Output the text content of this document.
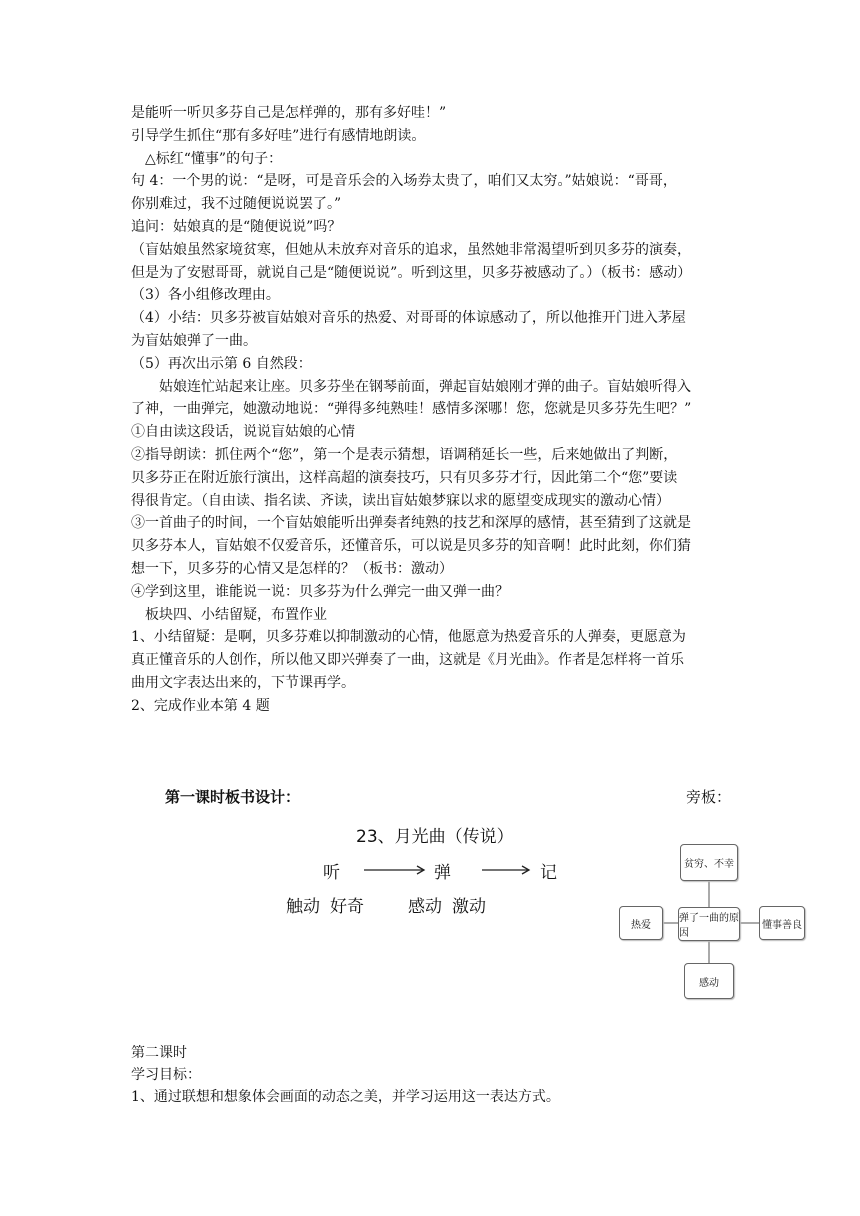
是能听一听贝多芬自己是怎样弹的，那有多好哇！”
引导学生抓住“那有多好哇”进行有感情地朗读。
　△标红“懂事”的句子：
句 4：一个男的说：“是呀，可是音乐会的入场券太贵了，咱们又太穷。”姑娘说：“哥哥，
你别难过，我不过随便说说罢了。”
追问：姑娘真的是“随便说说”吗？
（盲姑娘虽然家境贫寒，但她从未放弃对音乐的追求，虽然她非常渴望听到贝多芬的演奏，
但是为了安慰哥哥，就说自己是“随便说说”。听到这里，贝多芬被感动了。）（板书：感动）
（3）各小组修改理由。
（4）小结：贝多芬被盲姑娘对音乐的热爱、对哥哥的体谅感动了，所以他推开门进入茅屋
为盲姑娘弹了一曲。
（5）再次出示第 6 自然段：
　　姑娘连忙站起来让座。贝多芬坐在钢琴前面，弹起盲姑娘刚才弹的曲子。盲姑娘听得入
了神，一曲弹完，她激动地说：“弹得多纯熟哇！感情多深哪！您，您就是贝多芬先生吧？”
①自由读这段话，说说盲姑娘的心情
②指导朗读：抓住两个“您”，第一个是表示猜想，语调稍延长一些，后来她做出了判断，
贝多芬正在附近旅行演出，这样高超的演奏技巧，只有贝多芬才行，因此第二个“您”要读
得很肯定。（自由读、指名读、齐读，读出盲姑娘梦寐以求的愿望变成现实的激动心情）
③一首曲子的时间，一个盲姑娘能听出弹奏者纯熟的技艺和深厚的感情，甚至猜到了这就是
贝多芬本人，盲姑娘不仅爱音乐，还懂音乐，可以说是贝多芬的知音啊！此时此刻，你们猜
想一下，贝多芬的心情又是怎样的？（板书：激动）
④学到这里，谁能说一说：贝多芬为什么弹完一曲又弹一曲？
　板块四、小结留疑，布置作业
1、小结留疑：是啊，贝多芬难以抑制激动的心情，他愿意为热爱音乐的人弹奏，更愿意为
真正懂音乐的人创作，所以他又即兴弹奏了一曲，这就是《月光曲》。作者是怎样将一首乐
曲用文字表达出来的，下节课再学。
2、完成作业本第 4 题
第一课时板书设计：	旁板：
23、月光曲（传说）
听	弹	记
触动 好奇	感动 激动
贫穷、不幸
热爱
弹了一曲的原因
懂事善良
感动
第二课时
学习目标：
1、通过联想和想象体会画面的动态之美，并学习运用这一表达方式。
